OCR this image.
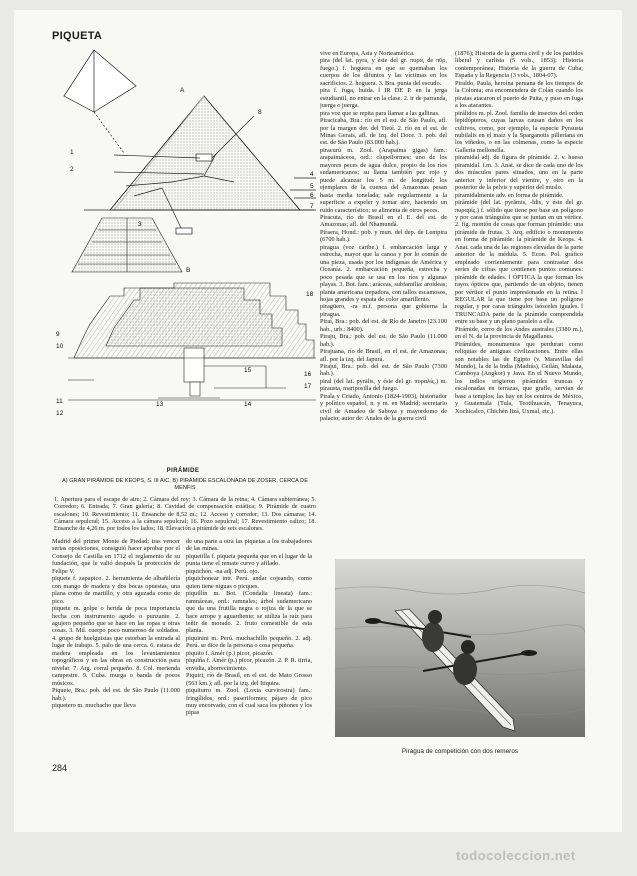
PIQUETA
A
1
2
3
4
5
6
7
8
B
9
10
11
12
13	14
15
16
17
18
PIRÁMIDE
A) GRAN PIRÁMIDE DE KEOPS, S. III A/C. B) PIRÁMIDE ESCALONADA DE ZOSER, CERCA DE MENFIS
1. Apertura para el escape de aire; 2. Cámara del rey; 3. Cámara de la reina; 4. Cámara subterránea; 5. Corredor; 6. Entrada; 7. Gran galería; 8. Cavidad de compensación estática; 9. Pirámide de cuatro escalones; 10. Revestimiento; 11. Ensanche de 8,52 m.; 12. Acceso y corredor; 13. Dos cámaras; 14. Cámara sepulcral; 15. Acceso a la cámara sepulcral; 16. Pozo sepulcral; 17. Revestimiento calizo; 18. Ensanche de 4,26 m. por todos los lados; 18. Elevación a pirámide de seis escalones.

Madrid del primer Monte de Piedad; tras vencer serias oposiciones, consiguió hacer aprobar por el Consejo de Castilla en 1712 el reglamento de su fundación, que le valió después la protección de Felipe V.

piquete f. zapapico. 2. herramienta de albañilería con mango de madera y dos bocas opuestas, una plana como de martillo, y otra aguzada como de pico.

piquete m. golpe o herida de poca importancia hecha con instrumento agudo o punzante. 2. agujero pequeño que se hace en las ropas u otras cosas. 3. Mil. cuerpo poco numeroso de soldados. 4. grupo de huelguistas que estorban la entrada al lugar de trabajo. 5. palo de una cerca. 6. estaca de madera empleada en los levantamientos topográficos y en las obras en construcción para nivelar. 7. Arg. corral pequeño. 8. Col. merienda campestre. 9. Cuba. murga o banda de pocos músicos.

Piquete, Bra.: pob. del est. de São Paulo (11.000 hab.).

piquetero m. muchacho que lleva

de una parte a otra las piquetas a los trabajadores de las minas.

piquetilla f. piqueta pequeña que en el lugar de la punta tiene el remate curvo y afilado.

piquichón. -na adj. Perú. ojo.

piquichonear intr. Perú. andar cojeando, como quien tiene niguas o picques.

piquillín m. Bot. (Condalia lineata) fam.: ramnáceas, ord.: ramnales; árbol sudamericano que da una frutilla negra o rojiza de la que se hace arrope y aguardiente; se utiliza la raíz para teñir de morado. 2. fruto comestible de esta planta.

piquinini m. Perú. muchachillo pequeño. 2. adj. Perú. se dice de la persona o cosa pequeña.

piquito f. Amér (p.) picor, picazón.

piquiña f. Amér (p.) picor, picazón. 2. P. R. tirria, envidia, aborrecimiento.

Piquiri, río de Brasil, en el est. de Mato Grosso (563 km.); afl. por la izq. del Itiquira.

piquiturro m. Zool. (Loxia curvirostra) fam.: fringílidos, ord.: paseriformes; pájaro de pico muy encorvado, con el cual saca los piñones y los pipas

vive en Europa, Asia y Norteamérica.

pira (del lat. pyra, y éste del gr. πυρά, de πῦρ, fuego.) f. hoguera en que se quemaban los cuerpos de los difuntos y las víctimas en los sacrificios. 2. hoguera. 3. Bra. punta del escudo.

pira f. fuga, huida. ‖ IR DE P. en la jerga estudiantil, no entrar en la clase. 2. ir de parranda, juerga o juerga.

pira voz que se repita para llamar a las gallinas.

Piracicaba, Bra.: río en el est. de São Paulo, afl. por la margen der. del Tieté. 2. río en el est. de Minas Gerais, afl. de izq. del Doce. 3. pob. del est. de São Paulo (83.000 hab.).

piracurú m. Zool. (Arapaima gigas) fam.: arapaimáceos, ord.: clupeiformes; uno de los mayores peces de agua dulce, propio de los ríos sudamericanos; su llama también pez rojo y puede alcanzar los 5 m. de longitud; los ejemplares de la cuenca del Amazonas pesan hasta media tonelada; sale regularmente a la superficie a expeler y tomar aire, haciendo un ruido característico; se alimenta de otros peces.

Piracuta, río de Brasil en el E. del est. de Amazonas; afl. del Nhamundá.

Piraera, Hond.: pob. y mun. del dep. de Lempira (6700 hab.).

piragua (voz caribe.) f. embarcación larga y estrecha, mayor que la canoa y por lo común de una pieza, usada por los indígenas de América y Oceanía. 2. embarcación pequeña, estrecha y poco pesada que se usa en los ríos y algunas playas. 3. Bot. fam.: aráceas, subfamilia: aroideas; planta americana trepadora, con tallos escamosos, hojas grandes y espata de color amarillento.

piragüero, -ra m.f. persona que gobierna la piragua.

Piraí, Bra.: pob. del est. de Río de Janeiro (23.100 hab., urb.: 8400).

Piraju, Bra.: pob. del est. de São Paulo (11.000 hab.).

Pirajuana, río de Brasil, en el est. de Amazonas; afl. por la izq. del Japurá.

Pirajuí, Bra.: pob. del est. de São Paulo (7300 hab.).

piral (del lat. pyrālis, y éste del gr. πυραλίς.) m. pirausta, mariposilla del fuego.

Pirala y Criado, Antonio (1824-1903), historiador y político español, n. y m. en Madrid; secretario civil de Amadeo de Saboya y mayordomo de palacio; autor de: Anales de la guerra civil

(1876); Historia de la guerra civil y de los partidos liberal y carlista (5 vols., 1853); Historia contemporánea; Historia de la guerra de Cuba; España y la Regencia (3 vols., 1804-07).

Piraldo, Paula, heroína peruana de los tiempos de la Colonia; era encomendera de Colán cuando los piratas atacaron el puerto de Paita, y puso en fuga a los atacantes.

pirálidos m. pl. Zool. familia de insectos del orden lepidópteros, cuyas larvas causan daños en los cultivos, como, por ejemplo, la especie Pyrausta nubilalis en el maíz y la Sparganotis pilleriana en los viñedos, o en las colmenas, como la especie Galleria mellonella.

piramidal adj. de figura de pirámide. 2. v. hueso piramidal. f.m. 3. Anat. se dice de cada uno de los dos músculos pares situados, uno en la parte anterior y inferior del vientre, y otro en la posterior de la pelvis y superior del muslo.

piramidalmente adv. en forma de pirámide.

pirámide (del lat. pyrămis, -ĭdis, y éste del gr. πυραμίς.) f. sólido que tiene por base un polígono y por caras triángulos que se juntan en un vértice. 2. fig. montón de cosas que forman pirámide: una pirámide de frutas. 3. Arq. edificio o monumento en forma de pirámide: la pirámide de Keops. 4. Anat. cada una de las regiones elevadas de la parte anterior de la médula. 5. Econ. Pol. gráfico empleado corrientemente para contrastar dos series de cifras que contienen puntos comunes: pirámide de edades. ‖ ÓPTICA la que forman los rayos ópticos que, partiendo de un objeto, tienen por vértice el punto impresionado en la retina. ‖ REGULAR la que tiene por base un polígono regular, y por caras triángulos isósceles iguales. ‖ TRUNCADA parte de la pirámide comprendida entre su base y un plano paralelo a ella.

Pirámide, cerro de los Andes australes (3380 m.), en el N. de la provincia de Magallanes.

Pirámides, monumentos que perduran como reliquias de antiguas civilizaciones. Entre ellas son notables las de Egipto (v. Maravillas del Mundo), la de la India (Madrás), Ceilán, Malasia, Camboya (Angkor) y Java. En el Nuevo Mundo, los indios erigieron pirámides truncas y escalonadas en terrazas, que grafle, servian de base a templos; las hay en los centros de México, y Guatemala (Tula, Teotihuacán, Tenayuca, Xochicalco, Chichén Itzá, Uxmal, etc.).

Piragua de competición con dos remeros
284
todocoleccion.net
